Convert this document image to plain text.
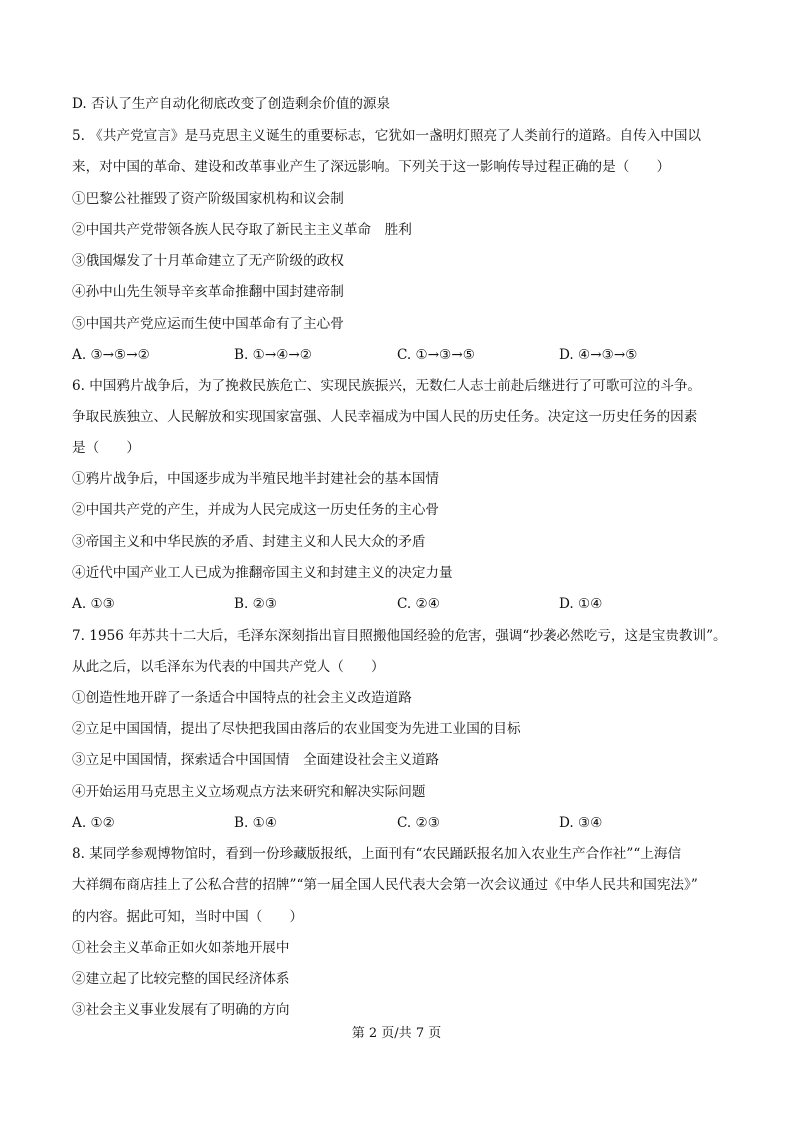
D. 否认了生产自动化彻底改变了创造剩余价值的源泉
5. 《共产党宣言》是马克思主义诞生的重要标志，它犹如一盏明灯照亮了人类前行的道路。自传入中国以
来，对中国的革命、建设和改革事业产生了深远影响。下列关于这一影响传导过程正确的是（　　）
①巴黎公社摧毁了资产阶级国家机构和议会制
②中国共产党带领各族人民夺取了新民主主义革命　胜利
③俄国爆发了十月革命建立了无产阶级的政权
④孙中山先生领导辛亥革命推翻中国封建帝制
⑤中国共产党应运而生使中国革命有了主心骨
A. ③→⑤→②	B. ①→④→②	C. ①→③→⑤	D. ④→③→⑤
6. 中国鸦片战争后，为了挽救民族危亡、实现民族振兴，无数仁人志士前赴后继进行了可歌可泣的斗争。
争取民族独立、人民解放和实现国家富强、人民幸福成为中国人民的历史任务。决定这一历史任务的因素
是（　　）
①鸦片战争后，中国逐步成为半殖民地半封建社会的基本国情
②中国共产党的产生，并成为人民完成这一历史任务的主心骨
③帝国主义和中华民族的矛盾、封建主义和人民大众的矛盾
④近代中国产业工人已成为推翻帝国主义和封建主义的决定力量
A. ①③	B. ②③	C. ②④	D. ①④
7. 1956 年苏共十二大后，毛泽东深刻指出盲目照搬他国经验的危害，强调“抄袭必然吃亏，这是宝贵教训”。
从此之后，以毛泽东为代表的中国共产党人（　　）
①创造性地开辟了一条适合中国特点的社会主义改造道路
②立足中国国情，提出了尽快把我国由落后的农业国变为先进工业国的目标
③立足中国国情，探索适合中国国情　全面建设社会主义道路
④开始运用马克思主义立场观点方法来研究和解决实际问题
A. ①②	B. ①④	C. ②③	D. ③④
8. 某同学参观博物馆时，看到一份珍藏版报纸，上面刊有“农民踊跃报名加入农业生产合作社”“上海信
大祥绸布商店挂上了公私合营的招牌”“第一届全国人民代表大会第一次会议通过《中华人民共和国宪法》”
的内容。据此可知，当时中国（　　）
①社会主义革命正如火如荼地开展中
②建立起了比较完整的国民经济体系
③社会主义事业发展有了明确的方向
第 2 页/共 7 页
